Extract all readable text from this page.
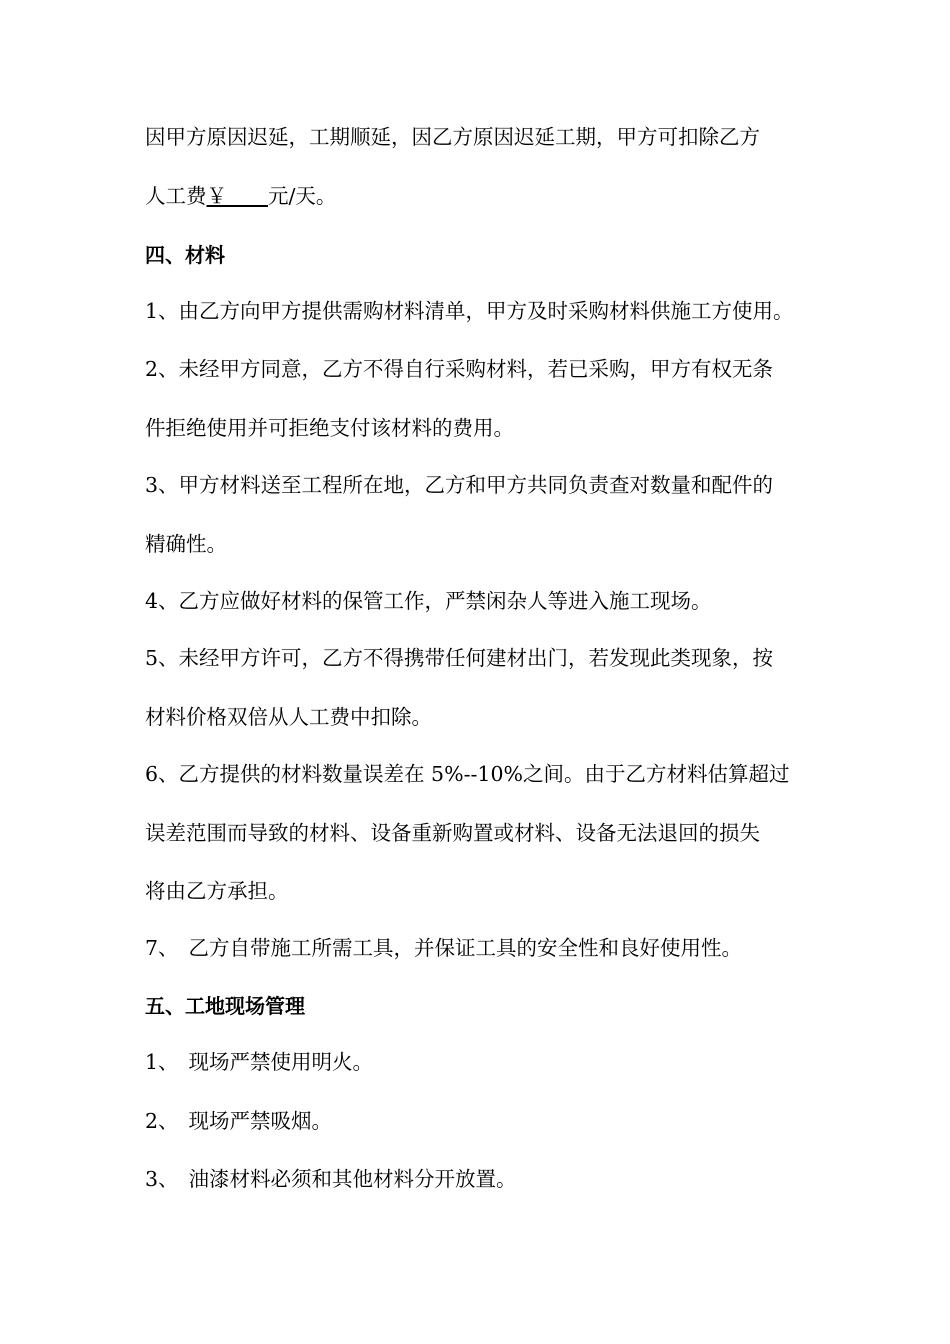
因甲方原因迟延，工期顺延，因乙方原因迟延工期，甲方可扣除乙方
人工费￥　　元/天。
四、材料
1、由乙方向甲方提供需购材料清单，甲方及时采购材料供施工方使用。
2、未经甲方同意，乙方不得自行采购材料，若已采购，甲方有权无条
件拒绝使用并可拒绝支付该材料的费用。
3、甲方材料送至工程所在地，乙方和甲方共同负责查对数量和配件的
精确性。
4、乙方应做好材料的保管工作，严禁闲杂人等进入施工现场。
5、未经甲方许可，乙方不得携带任何建材出门，若发现此类现象，按
材料价格双倍从人工费中扣除。
6、乙方提供的材料数量误差在 5%--10%之间。由于乙方材料估算超过
误差范围而导致的材料、设备重新购置或材料、设备无法退回的损失
将由乙方承担。
7、 乙方自带施工所需工具，并保证工具的安全性和良好使用性。
五、工地现场管理
1、 现场严禁使用明火。
2、 现场严禁吸烟。
3、 油漆材料必须和其他材料分开放置。
